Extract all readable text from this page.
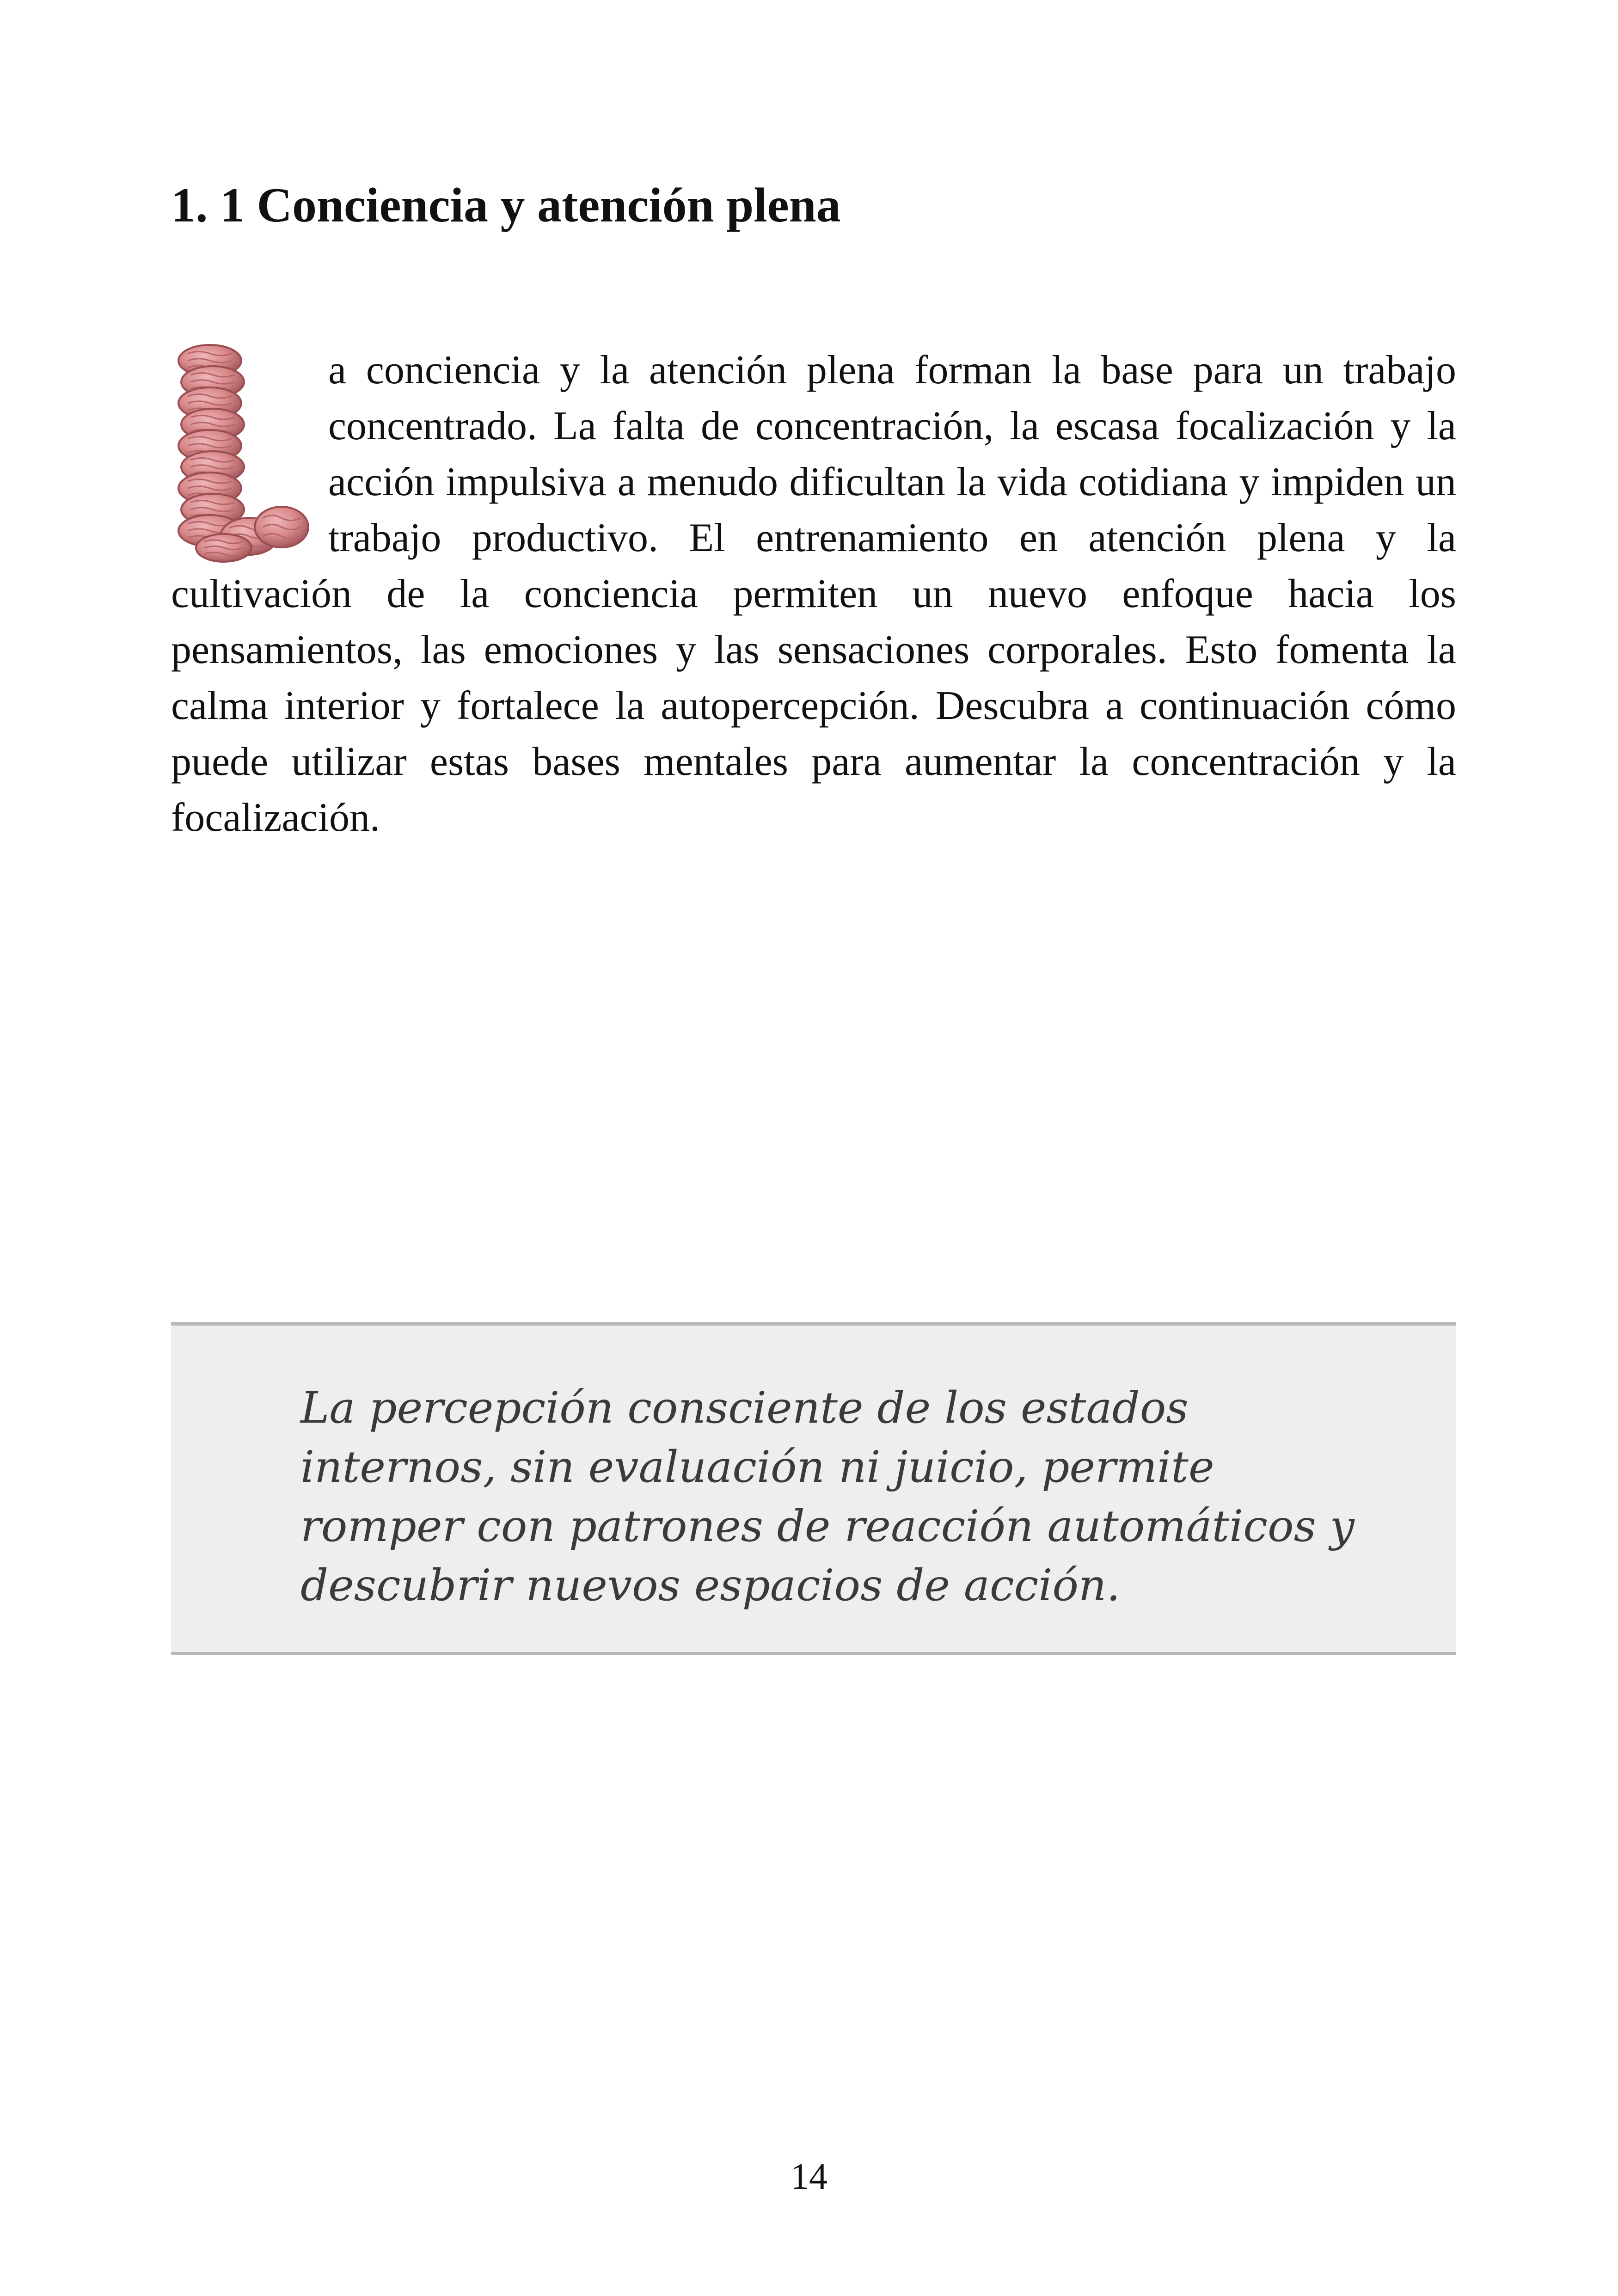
1. 1 Conciencia y atención plena
a conciencia y la atención plena forman la base para un trabajo concentrado. La falta de concentración, la escasa focalización y la acción impulsiva a menudo dificultan la vida cotidiana y impiden un trabajo productivo. El entrenamiento en atención plena y la cultivación de la conciencia permiten un nuevo enfoque hacia los pensamientos, las emociones y las sensaciones corporales. Esto fomenta la calma interior y fortalece la autopercepción. Descubra a continuación cómo puede utilizar estas bases mentales para aumentar la concentración y la focalización.

La percepción consciente de los estados internos, sin evaluación ni juicio, permite romper con patrones de reacción automáticos y descubrir nuevos espacios de acción.

14
